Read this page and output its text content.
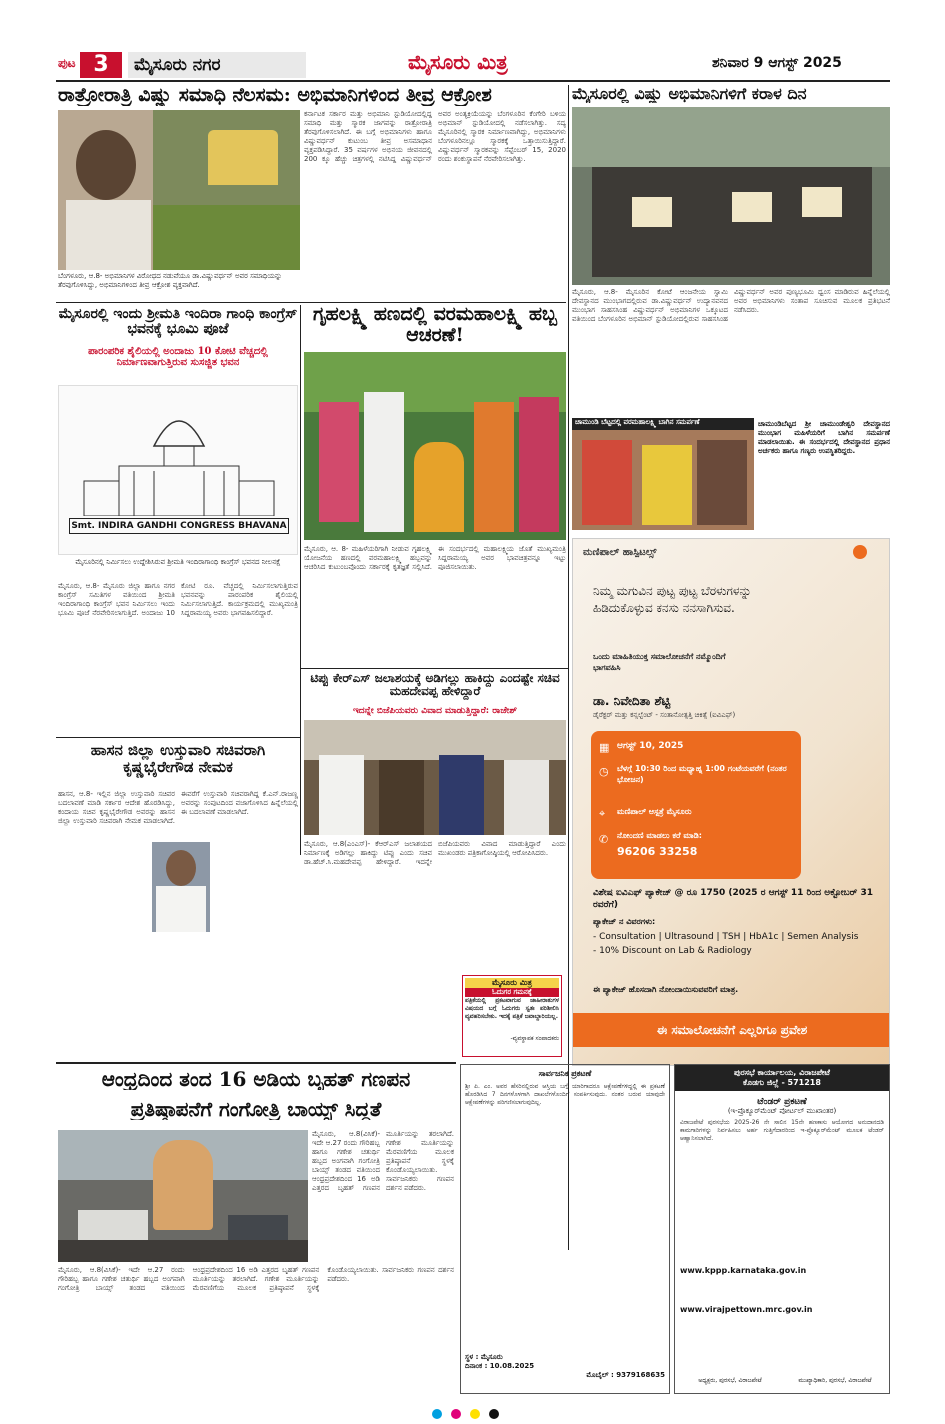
ಪುಟ 3	ಮೈಸೂರು ನಗರ	ಮೈಸೂರು ಮಿತ್ರ	ಶನಿವಾರ 9 ಆಗಸ್ಟ್ 2025
ರಾತ್ರೋರಾತ್ರಿ ವಿಷ್ಣು ಸಮಾಧಿ ನೆಲಸಮ: ಅಭಿಮಾನಿಗಳಿಂದ ತೀವ್ರ ಆಕ್ರೋಶ
ಬೆಂಗಳೂರು, ಆ.8- ಅಭಿಮಾನಿಗಳ ವಿರೋಧದ ನಡುವೆಯೂ ಡಾ.ವಿಷ್ಣುವರ್ಧನ್ ಅವರ ಸಮಾಧಿಯನ್ನು ತೆರವುಗೊಳಿಸಿದ್ದು, ಅಭಿಮಾನಿಗಳಿಂದ ತೀವ್ರ ಆಕ್ರೋಶ ವ್ಯಕ್ತವಾಗಿದೆ.
ಕರ್ನಾಟಕ ಸರ್ಕಾರ ಮತ್ತು ಅಭಿಮಾನಿ ಸ್ಟುಡಿಯೋದಲ್ಲಿದ್ದ ಸಮಾಧಿ ಮತ್ತು ಸ್ಮಾರಕ ಜಾಗವನ್ನು ರಾತ್ರೋರಾತ್ರಿ ತೆರವುಗೊಳಿಸಲಾಗಿದೆ. ಈ ಬಗ್ಗೆ ಅಭಿಮಾನಿಗಳು ಹಾಗೂ ವಿಷ್ಣುವರ್ಧನ್ ಕುಟುಂಬ ತೀವ್ರ ಅಸಮಾಧಾನ ವ್ಯಕ್ತಪಡಿಸಿದ್ದಾರೆ. 35 ವರ್ಷಗಳ ಅಭಿನಯ ಜೀವನದಲ್ಲಿ 200 ಕ್ಕೂ ಹೆಚ್ಚು ಚಿತ್ರಗಳಲ್ಲಿ ನಟಿಸಿದ್ದ ವಿಷ್ಣುವರ್ಧನ್ ಅವರ ಅಂತ್ಯಕ್ರಿಯೆಯನ್ನು ಬೆಂಗಳೂರಿನ ಕೆಂಗೇರಿ ಬಳಿಯ ಅಭಿಮಾನ್ ಸ್ಟುಡಿಯೋದಲ್ಲಿ ನಡೆಸಲಾಗಿತ್ತು. ಸದ್ಯ ಮೈಸೂರಿನಲ್ಲಿ ಸ್ಮಾರಕ ನಿರ್ಮಾಣವಾಗಿದ್ದು, ಅಭಿಮಾನಿಗಳು ಬೆಂಗಳೂರಿನಲ್ಲೂ ಸ್ಮಾರಕಕ್ಕೆ ಒತ್ತಾಯಿಸುತ್ತಿದ್ದಾರೆ. ವಿಷ್ಣುವರ್ಧನ್ ಸ್ಮಾರಕವನ್ನು ಸೆಪ್ಟೆಂಬರ್ 15, 2020 ರಂದು ಶಂಕುಸ್ಥಾಪನೆ ನೆರವೇರಿಸಲಾಗಿತ್ತು.
ಮೈಸೂರಲ್ಲಿ ವಿಷ್ಣು ಅಭಿಮಾನಿಗಳಿಗೆ ಕರಾಳ ದಿನ
ಮೈಸೂರು, ಆ.8- ಮೈಸೂರಿನ ಕೋಟೆ ಆಂಜನೇಯ ಸ್ವಾಮಿ ದೇವಸ್ಥಾನದ ಮುಂಭಾಗದಲ್ಲಿರುವ ಡಾ.ವಿಷ್ಣುವರ್ಧನ್ ಉದ್ಯಾನವನದ ಮುಂಭಾಗ ಸಾಹಸಸಿಂಹ ವಿಷ್ಣುವರ್ಧನ್ ಅಭಿಮಾನಿಗಳ ಒಕ್ಕೂಟದ ವತಿಯಿಂದ ಬೆಂಗಳೂರಿನ ಅಭಿಮಾನ್ ಸ್ಟುಡಿಯೋದಲ್ಲಿರುವ ಸಾಹಸಸಿಂಹ ವಿಷ್ಣುವರ್ಧನ್ ಅವರ ಪುಣ್ಯಭೂಮಿ ಧ್ವಂಸ ಮಾಡಿರುವ ಹಿನ್ನೆಲೆಯಲ್ಲಿ ಅವರ ಅಭಿಮಾನಿಗಳು ಸಂತಾಪ ಸೂಚಿಸುವ ಮೂಲಕ ಪ್ರತಿಭಟನೆ ನಡೆಸಿದರು.
ಮೈಸೂರಲ್ಲಿ ಇಂದು ಶ್ರೀಮತಿ ಇಂದಿರಾ ಗಾಂಧಿ ಕಾಂಗ್ರೆಸ್ ಭವನಕ್ಕೆ ಭೂಮಿ ಪೂಜೆ
ಪಾರಂಪರಿಕ ಶೈಲಿಯಲ್ಲಿ ಅಂದಾಜು 10 ಕೋಟಿ ವೆಚ್ಚದಲ್ಲಿ ನಿರ್ಮಾಣವಾಗುತ್ತಿರುವ ಸುಸಜ್ಜಿತ ಭವನ
Smt. INDIRA GANDHI CONGRESS BHAVANA
ಮೈಸೂರಿನಲ್ಲಿ ನಿರ್ಮಿಸಲು ಉದ್ದೇಶಿಸಿರುವ ಶ್ರೀಮತಿ ಇಂದಿರಾಗಾಂಧಿ ಕಾಂಗ್ರೆಸ್ ಭವನದ ನೀಲನಕ್ಷೆ
ಮೈಸೂರು, ಆ.8- ಮೈಸೂರು ಜಿಲ್ಲಾ ಹಾಗೂ ನಗರ ಕಾಂಗ್ರೆಸ್ ಸಮಿತಿಗಳ ವತಿಯಿಂದ ಶ್ರೀಮತಿ ಇಂದಿರಾಗಾಂಧಿ ಕಾಂಗ್ರೆಸ್ ಭವನ ನಿರ್ಮಿಸಲು ಇಂದು ಭೂಮಿ ಪೂಜೆ ನೆರವೇರಿಸಲಾಗುತ್ತಿದೆ. ಅಂದಾಜು 10 ಕೋಟಿ ರೂ. ವೆಚ್ಚದಲ್ಲಿ ನಿರ್ಮಿಸಲಾಗುತ್ತಿರುವ ಭವನವನ್ನು ಪಾರಂಪರಿಕ ಶೈಲಿಯಲ್ಲಿ ನಿರ್ಮಿಸಲಾಗುತ್ತಿದೆ. ಕಾರ್ಯಕ್ರಮದಲ್ಲಿ ಮುಖ್ಯಮಂತ್ರಿ ಸಿದ್ದರಾಮಯ್ಯ ಅವರು ಭಾಗವಹಿಸಲಿದ್ದಾರೆ.
ಗೃಹಲಕ್ಷ್ಮಿ ಹಣದಲ್ಲಿ ವರಮಹಾಲಕ್ಷ್ಮಿ ಹಬ್ಬ ಆಚರಣೆ!
ಮೈಸೂರು, ಆ. 8- ಮಹಿಳೆಯರಿಗಾಗಿ ನೀಡುವ ಗೃಹಲಕ್ಷ್ಮಿ ಯೋಜನೆಯ ಹಣದಲ್ಲಿ ವರಮಹಾಲಕ್ಷ್ಮಿ ಹಬ್ಬವನ್ನು ಆಚರಿಸಿದ ಕುಟುಂಬವೊಂದು ಸರ್ಕಾರಕ್ಕೆ ಕೃತಜ್ಞತೆ ಸಲ್ಲಿಸಿದೆ. ಈ ಸಂದರ್ಭದಲ್ಲಿ ಮಹಾಲಕ್ಷ್ಮಿಯ ಜೊತೆ ಮುಖ್ಯಮಂತ್ರಿ ಸಿದ್ದರಾಮಯ್ಯ ಅವರ ಭಾವಚಿತ್ರವನ್ನೂ ಇಟ್ಟು ಪೂಜಿಸಲಾಯಿತು.
ಚಾಮುಂಡಿ ಬೆಟ್ಟದಲ್ಲಿ ವರಮಹಾಲಕ್ಷ್ಮಿ ಬಾಗಿನ ಸಮರ್ಪಣೆ	ಚಾಮುಂಡಿಬೆಟ್ಟದ ಶ್ರೀ ಚಾಮುಂಡೇಶ್ವರಿ ದೇವಸ್ಥಾನದ ಮುಂಭಾಗ ಮಹಿಳೆಯರಿಗೆ ಬಾಗಿನ ಸಮರ್ಪಣೆ ಮಾಡಲಾಯಿತು. ಈ ಸಂದರ್ಭದಲ್ಲಿ ದೇವಸ್ಥಾನದ ಪ್ರಧಾನ ಅರ್ಚಕರು ಹಾಗೂ ಗಣ್ಯರು ಉಪಸ್ಥಿತರಿದ್ದರು.
ಟಿಪ್ಪು ಕೇರ್‌ಎಸ್ ಜಲಾಶಯಕ್ಕೆ ಅಡಿಗಲ್ಲು ಹಾಕಿದ್ದು ಎಂದಷ್ಟೇ ಸಚಿವ ಮಹದೇವಪ್ಪ ಹೇಳಿದ್ದಾರೆ
ಇದನ್ನೇ ಬಿಜೆಪಿಯವರು ವಿವಾದ ಮಾಡುತ್ತಿದ್ದಾರೆ: ರಾಜೇಶ್
ಮೈಸೂರು, ಆ.8(ಎಂಎಸ್)- ಕೆಆರ್‌ಎಸ್ ಜಲಾಶಯದ ನಿರ್ಮಾಣಕ್ಕೆ ಅಡಿಗಲ್ಲು ಹಾಕಿದ್ದು ಟಿಪ್ಪು ಎಂದು ಸಚಿವ ಡಾ.ಹೆಚ್.ಸಿ.ಮಹದೇವಪ್ಪ ಹೇಳಿದ್ದಾರೆ. ಇದನ್ನೇ ಬಿಜೆಪಿಯವರು ವಿವಾದ ಮಾಡುತ್ತಿದ್ದಾರೆ ಎಂದು ಮುಖಂಡರು ಪತ್ರಿಕಾಗೋಷ್ಠಿಯಲ್ಲಿ ಆರೋಪಿಸಿದರು.
ಮೈಸೂರು ಮಿತ್ರ
ಓದುಗರ ಗಮನಕ್ಕೆ
ಪತ್ರಿಕೆಯಲ್ಲಿ ಪ್ರಕಟವಾಗುವ ಜಾಹೀರಾತುಗಳ ವಿಷಯದ ಬಗ್ಗೆ ಓದುಗರು ಸ್ವತಃ ಪರಿಶೀಲಿಸಿ ವ್ಯವಹರಿಸಬೇಕು. ಇದಕ್ಕೆ ಪತ್ರಿಕೆ ಜವಾಬ್ದಾರಿಯಲ್ಲ.
-ವ್ಯವಸ್ಥಾಪಕ ಸಂಪಾದಕರು
ಹಾಸನ ಜಿಲ್ಲಾ ಉಸ್ತುವಾರಿ ಸಚಿವರಾಗಿ ಕೃಷ್ಣಭೈರೇಗೌಡ ನೇಮಕ
ಹಾಸನ, ಆ.8- ಇಲ್ಲಿನ ಜಿಲ್ಲಾ ಉಸ್ತುವಾರಿ ಸಚಿವರ ಬದಲಾವಣೆ ಮಾಡಿ ಸರ್ಕಾರ ಆದೇಶ ಹೊರಡಿಸಿದ್ದು, ಕಂದಾಯ ಸಚಿವ ಕೃಷ್ಣಭೈರೇಗೌಡ ಅವರನ್ನು ಹಾಸನ ಜಿಲ್ಲಾ ಉಸ್ತುವಾರಿ ಸಚಿವರಾಗಿ ನೇಮಕ ಮಾಡಲಾಗಿದೆ. ಈವರೆಗೆ ಉಸ್ತುವಾರಿ ಸಚಿವರಾಗಿದ್ದ ಕೆ.ಎನ್.ರಾಜಣ್ಣ ಅವರನ್ನು ಸಂಪುಟದಿಂದ ವಜಾಗೊಳಿಸಿದ ಹಿನ್ನೆಲೆಯಲ್ಲಿ ಈ ಬದಲಾವಣೆ ಮಾಡಲಾಗಿದೆ.
ಮಣಿಪಾಲ್ ಹಾಸ್ಪಿಟಲ್ಸ್
ನಿಮ್ಮ ಮಗುವಿನ ಪುಟ್ಟ ಪುಟ್ಟ ಬೆರಳುಗಳನ್ನು ಹಿಡಿದುಕೊಳ್ಳುವ ಕನಸು ನನಸಾಗಿಸುವ.
ಒಂದು ಮಾಹಿತಿಯುಕ್ತ ಸಮಾಲೋಚನೆಗೆ ನಮ್ಮೊಂದಿಗೆ ಭಾಗವಹಿಸಿ
ಡಾ. ನಿವೇದಿತಾ ಶೆಟ್ಟಿ
ಡೈರೆಕ್ಟರ್ ಮತ್ತು ಕನ್ಸಲ್ಟೆಂಟ್ - ಸಂತಾನೋತ್ಪತ್ತಿ ಚಿಕಿತ್ಸೆ (ಐವಿಎಫ್)
▦ ಆಗಸ್ಟ್ 10, 2025
◷ ಬೆಳಗ್ಗೆ 10:30 ರಿಂದ ಮಧ್ಯಾಹ್ನ 1:00 ಗಂಟೆಯವರೆಗೆ (ನಂತರ ಭೋಜನ)
⌖ ಮಣಿಪಾಲ್ ಆಸ್ಪತ್ರೆ ಮೈಸೂರು
✆ ನೋಂದಣಿ ಮಾಡಲು ಕರೆ ಮಾಡಿ:
96206 33258
ವಿಶೇಷ ಐವಿಎಫ್ ಪ್ಯಾಕೇಜ್ @ ರೂ 1750 (2025 ರ ಆಗಸ್ಟ್ 11 ರಿಂದ ಅಕ್ಟೋಬರ್ 31 ರವರೆಗೆ)
ಪ್ಯಾಕೇಜ್ ನ ವಿವರಗಳು:
- Consultation | Ultrasound | TSH | HbA1c | Semen Analysis
- 10% Discount on Lab & Radiology
ಈ ಪ್ಯಾಕೇಜ್ ಹೊಸದಾಗಿ ನೋಂದಾಯಿಸುವವರಿಗೆ ಮಾತ್ರ.
ಈ ಸಮಾಲೋಚನೆಗೆ ಎಲ್ಲರಿಗೂ ಪ್ರವೇಶ
ಆಂಧ್ರದಿಂದ ತಂದ 16 ಅಡಿಯ ಬೃಹತ್ ಗಣಪನ
ಪ್ರತಿಷ್ಠಾಪನೆಗೆ ಗಂಗೋತ್ರಿ ಬಾಯ್ಸ್ ಸಿದ್ಧತೆ
ಮೈಸೂರು, ಆ.8(ವಿಸಿಕೆ)- ಇದೇ ಆ.27 ರಂದು ಗೌರಿಹಬ್ಬ ಹಾಗೂ ಗಣೇಶ ಚತುರ್ಥಿ ಹಬ್ಬದ ಅಂಗವಾಗಿ ಗಂಗೋತ್ರಿ ಬಾಯ್ಸ್ ತಂಡದ ವತಿಯಿಂದ ಆಂಧ್ರಪ್ರದೇಶದಿಂದ 16 ಅಡಿ ಎತ್ತರದ ಬೃಹತ್ ಗಣಪನ ಮೂರ್ತಿಯನ್ನು ತರಲಾಗಿದೆ. ಗಣೇಶ ಮೂರ್ತಿಯನ್ನು ಮೆರವಣಿಗೆಯ ಮೂಲಕ ಪ್ರತಿಷ್ಠಾಪನೆ ಸ್ಥಳಕ್ಕೆ ಕೊಂಡೊಯ್ಯಲಾಯಿತು. ಸಾರ್ವಜನಿಕರು ಗಣಪನ ದರ್ಶನ ಪಡೆದರು.
ಮೈಸೂರು, ಆ.8(ವಿಸಿಕೆ)- ಇದೇ ಆ.27 ರಂದು ಗೌರಿಹಬ್ಬ ಹಾಗೂ ಗಣೇಶ ಚತುರ್ಥಿ ಹಬ್ಬದ ಅಂಗವಾಗಿ ಗಂಗೋತ್ರಿ ಬಾಯ್ಸ್ ತಂಡದ ವತಿಯಿಂದ ಆಂಧ್ರಪ್ರದೇಶದಿಂದ 16 ಅಡಿ ಎತ್ತರದ ಬೃಹತ್ ಗಣಪನ ಮೂರ್ತಿಯನ್ನು ತರಲಾಗಿದೆ. ಗಣೇಶ ಮೂರ್ತಿಯನ್ನು ಮೆರವಣಿಗೆಯ ಮೂಲಕ ಪ್ರತಿಷ್ಠಾಪನೆ ಸ್ಥಳಕ್ಕೆ ಕೊಂಡೊಯ್ಯಲಾಯಿತು. ಸಾರ್ವಜನಿಕರು ಗಣಪನ ದರ್ಶನ ಪಡೆದರು.
ಸಾರ್ವಜನಿಕ ಪ್ರಕಟಣೆ
ಶ್ರೀ ಪಿ. ಎಂ. ಅವರ ಹೆಸರಿನಲ್ಲಿರುವ ಆಸ್ತಿಯ ಬಗ್ಗೆ ಯಾರಿಗಾದರೂ ಆಕ್ಷೇಪಣೆಗಳಿದ್ದಲ್ಲಿ ಈ ಪ್ರಕಟಣೆ ಹೊರಡಿಸಿದ 7 ದಿನಗಳೊಳಗಾಗಿ ದಾಖಲೆಗಳೊಂದಿಗೆ ಸಂಪರ್ಕಿಸುವುದು. ನಂತರ ಬರುವ ಯಾವುದೇ ಆಕ್ಷೇಪಣೆಗಳನ್ನು ಪರಿಗಣಿಸಲಾಗುವುದಿಲ್ಲ.
ಸ್ಥಳ : ಮೈಸೂರು
ದಿನಾಂಕ : 10.08.2025
ಮೊಬೈಲ್ : 9379168635
ಪುರಸಭೆ ಕಾರ್ಯಾಲಯ, ವಿರಾಜಪೇಟೆ
ಕೊಡಗು ಜಿಲ್ಲೆ - 571218
ಟೆಂಡರ್ ಪ್ರಕಟಣೆ
(ಇ-ಪ್ರೊಕ್ಯೂರ್‌ಮೆಂಟ್ ಪೋರ್ಟಲ್ ಮುಖಾಂತರ)
ವಿರಾಜಪೇಟೆ ಪುರಸಭೆಯ 2025-26 ನೇ ಸಾಲಿನ 15ನೇ ಹಣಕಾಸು ಆಯೋಗದ ಅನುದಾನದಡಿ ಕಾಮಗಾರಿಗಳನ್ನು ನಿರ್ವಹಿಸಲು ಅರ್ಹ ಗುತ್ತಿಗೆದಾರರಿಂದ ಇ-ಪ್ರೊಕ್ಯೂರ್‌ಮೆಂಟ್ ಮೂಲಕ ಟೆಂಡರ್ ಆಹ್ವಾನಿಸಲಾಗಿದೆ.
www.kppp.karnataka.gov.in
www.virajpettown.mrc.gov.in
ಅಧ್ಯಕ್ಷರು, ಪುರಸಭೆ, ವಿರಾಜಪೇಟೆ	ಮುಖ್ಯಾಧಿಕಾರಿ, ಪುರಸಭೆ, ವಿರಾಜಪೇಟೆ
